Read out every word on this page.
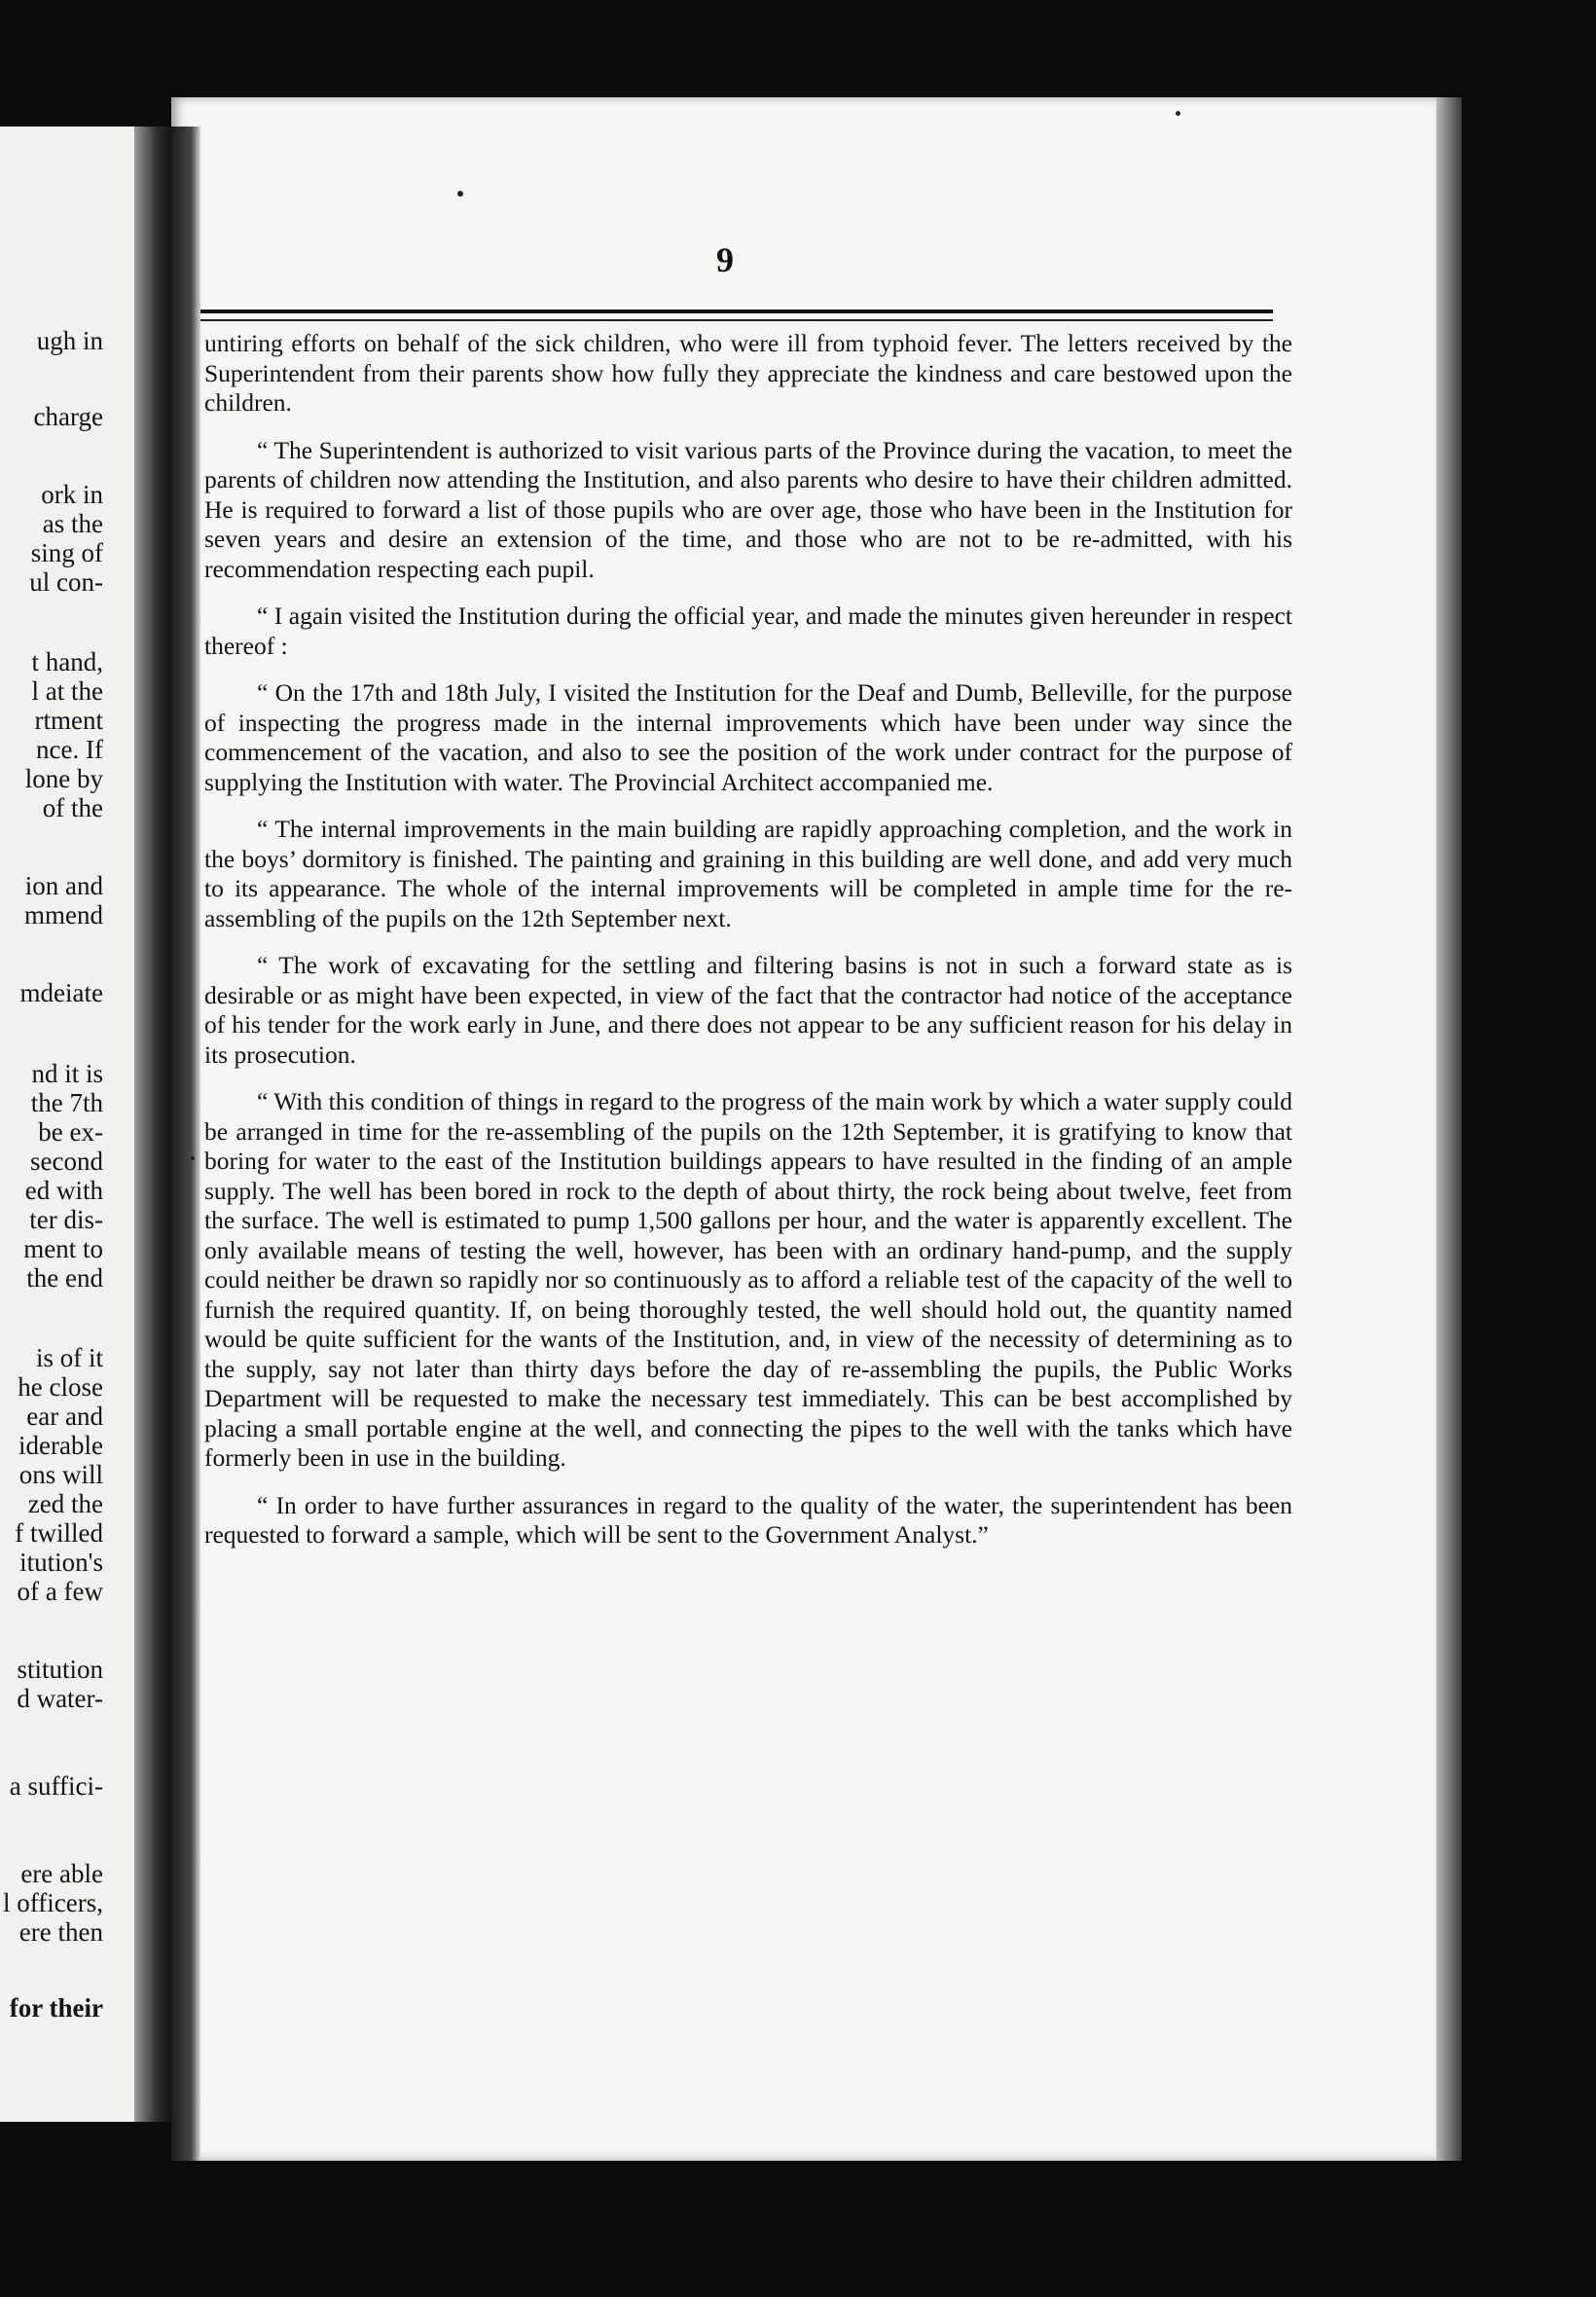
ugh in
charge
ork in
as the
sing of
ul con-
t hand,
l at the
rtment
nce. If
lone by
of the
ion and
mmend
mdeiate
nd it is
the 7th
be ex-
second
ed with
ter dis-
ment to
the end
is of it
he close
ear and
iderable
ons will
zed the
f twilled
itution's
of a few
stitution
d water-
a suffici-
ere able
l officers,
ere then
for their
9

untiring efforts on behalf of the sick children, who were ill from typhoid fever. The letters received by the Superintendent from their parents show how fully they appreciate the kindness and care bestowed upon the children.

“ The Superintendent is authorized to visit various parts of the Province during the vacation, to meet the parents of children now attending the Institution, and also parents who desire to have their children admitted. He is required to forward a list of those pupils who are over age, those who have been in the Institution for seven years and desire an extension of the time, and those who are not to be re-admitted, with his recommendation respecting each pupil.

“ I again visited the Institution during the official year, and made the minutes given hereunder in respect thereof :

“ On the 17th and 18th July, I visited the Institution for the Deaf and Dumb, Belleville, for the purpose of inspecting the progress made in the internal improvements which have been under way since the commencement of the vacation, and also to see the position of the work under contract for the purpose of supplying the Institution with water. The Provincial Architect accompanied me.

“ The internal improvements in the main building are rapidly approaching completion, and the work in the boys’ dormitory is finished. The painting and graining in this building are well done, and add very much to its appearance. The whole of the internal improvements will be completed in ample time for the re-assembling of the pupils on the 12th September next.

“ The work of excavating for the settling and filtering basins is not in such a forward state as is desirable or as might have been expected, in view of the fact that the contractor had notice of the acceptance of his tender for the work early in June, and there does not appear to be any sufficient reason for his delay in its prosecution.

“ With this condition of things in regard to the progress of the main work by which a water supply could be arranged in time for the re-assembling of the pupils on the 12th September, it is gratifying to know that boring for water to the east of the Institution buildings appears to have resulted in the finding of an ample supply. The well has been bored in rock to the depth of about thirty, the rock being about twelve, feet from the surface. The well is estimated to pump 1,500 gallons per hour, and the water is apparently excellent. The only available means of testing the well, however, has been with an ordinary hand-pump, and the supply could neither be drawn so rapidly nor so continuously as to afford a reliable test of the capacity of the well to furnish the required quantity. If, on being thoroughly tested, the well should hold out, the quantity named would be quite sufficient for the wants of the Institution, and, in view of the necessity of determining as to the supply, say not later than thirty days before the day of re-assembling the pupils, the Public Works Department will be requested to make the necessary test immediately. This can be best accomplished by placing a small portable engine at the well, and connecting the pipes to the well with the tanks which have formerly been in use in the building.

“ In order to have further assurances in regard to the quality of the water, the superintendent has been requested to forward a sample, which will be sent to the Government Analyst.”
